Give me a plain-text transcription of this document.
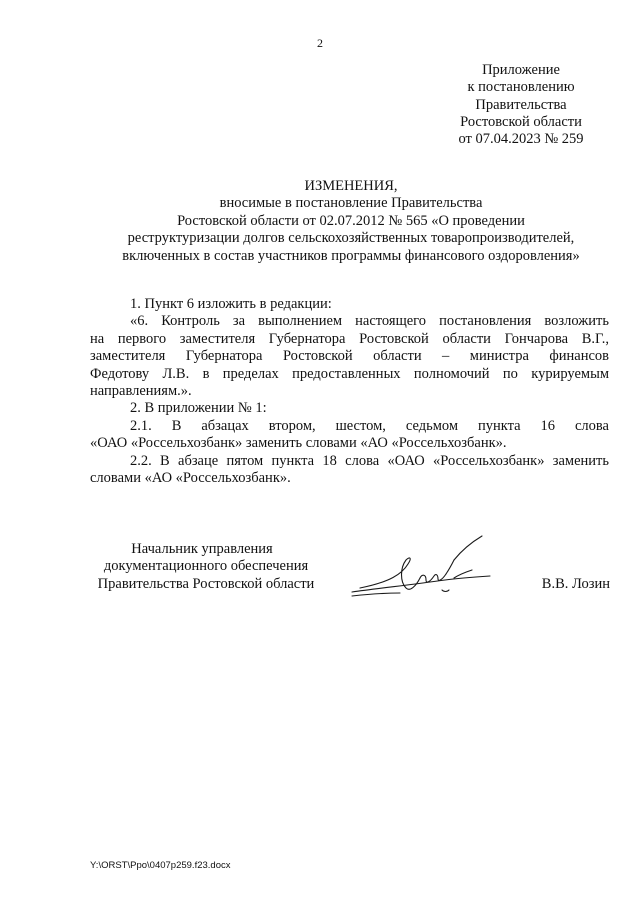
2
Приложение
к постановлению
Правительства
Ростовской области
от 07.04.2023 № 259
ИЗМЕНЕНИЯ,
вносимые в постановление Правительства
Ростовской области от 02.07.2012 № 565 «О проведении
реструктуризации долгов сельскохозяйственных товаропроизводителей,
включенных в состав участников программы финансового оздоровления»

1. Пункт 6 изложить в редакции:

«6. Контроль за выполнением настоящего постановления возложить

на первого заместителя Губернатора Ростовской области Гончарова В.Г.,

заместителя Губернатора Ростовской области – министра финансов

Федотову Л.В. в пределах предоставленных полномочий по курируемым

направлениям.».

2. В приложении № 1:

2.1. В абзацах втором, шестом, седьмом пункта 16 слова

«ОАО «Россельхозбанк» заменить словами «АО «Россельхозбанк».

2.2. В абзаце пятом пункта 18 слова «ОАО «Россельхозбанк» заменить

словами «АО «Россельхозбанк».

Начальник управления
документационного обеспечения
Правительства Ростовской области	В.В. Лозин
Y:\ORST\Ppo\0407p259.f23.docx
